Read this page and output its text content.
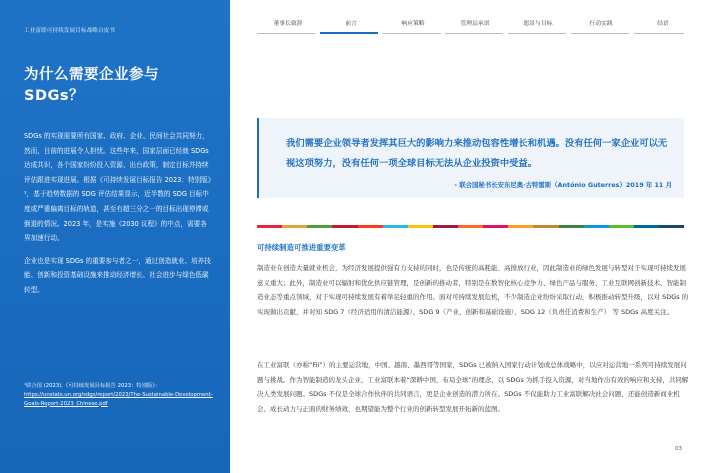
工业富联可持续发展目标战略白皮书
为什么需要企业参与 SDGs？

SDGs 的实现需要所有国家、政府、企业、民间社会共同努力，然而，目前的进展令人担忧。这些年来，国家层面已经就 SDGs 达成共识，各个国家纷纷投入资源、出台政策，制定目标并持续评估跟进实现进展。根据《可持续发展目标报告 2023：特别版》¹，基于趋势数据的 SDG 评估结果显示，近半数的 SDG 目标中度或严重偏离目标的轨道，甚至有超三分之一的目标出现停滞或倒退的情况。2023 年，是实施《2030 议程》的中点，需要各界加速行动。

企业也是实现 SDGs 的重要参与者之一，通过创造就业、培养技能、创新和投资基础设施来推动经济增长、社会进步与绿色低碳转型。

¹联合国 (2023).《可持续发展目标报告 2023：特别版》：
https://unstats.un.org/sdgs/report/2023/The-Sustainable-Development-Goals-Report-2023_Chinese.pdf
董事长致辞	前言	响应策略	管理层承诺	愿景与目标	行动实践	结语

我们需要企业领导者发挥其巨大的影响力来推动包容性增长和机遇。没有任何一家企业可以无视这项努力，没有任何一项全球目标无法从企业投资中受益。

- 联合国秘书长安东尼奥·古特雷斯（António Guterres）2019 年 11 月
可持续制造可推进重要变革

制造业在创造大量就业机会，为经济发展提供强有力支持的同时，也是传统的高耗能、高排放行业，因此制造业的绿色发展与转型对于实现可持续发展意义重大；此外，制造业可以辐射和优化供应链管理，是创新的推动者，特别是在数智化核心竞争力、绿色产品与服务、工业互联网创新技术、智能制造业态等重点领域，对于实现可持续发展有着举足轻重的作用。面对可持续发展危机，不少制造企业纷纷采取行动，积极推动转型升级，以对 SDGs 的实现做出贡献，并对知 SDG 7（经济适用的清洁能源）、SDG 9（产业、创新和基础设施）、SDG 12（负责任消费和生产） 等 SDGs 高度关注。

在工业富联（亦称“Fii”）的主要运营地，中国、越南、墨西哥等国家，SDGs 已被纳入国家行动计划或总体战略中，以应对运营地一系列可持续发展问题与挑战。作为智能制造的龙头企业，工业富联本着“深耕中国，布局全球”的理念，以 SDGs 为抓手投入资源，对当地作出有效的响应和支持，共同解决人类发展问题。SDGs 不仅是全球合作伙伴的共同语言，更是企业创造的潜力所在。SDGs 不仅能助力工业富联解决社会问题，还能创造新商业机会、成长动力与正面的财务绩效，也期望能为整个行业的创新转型发展开拓新的蓝图。

03
